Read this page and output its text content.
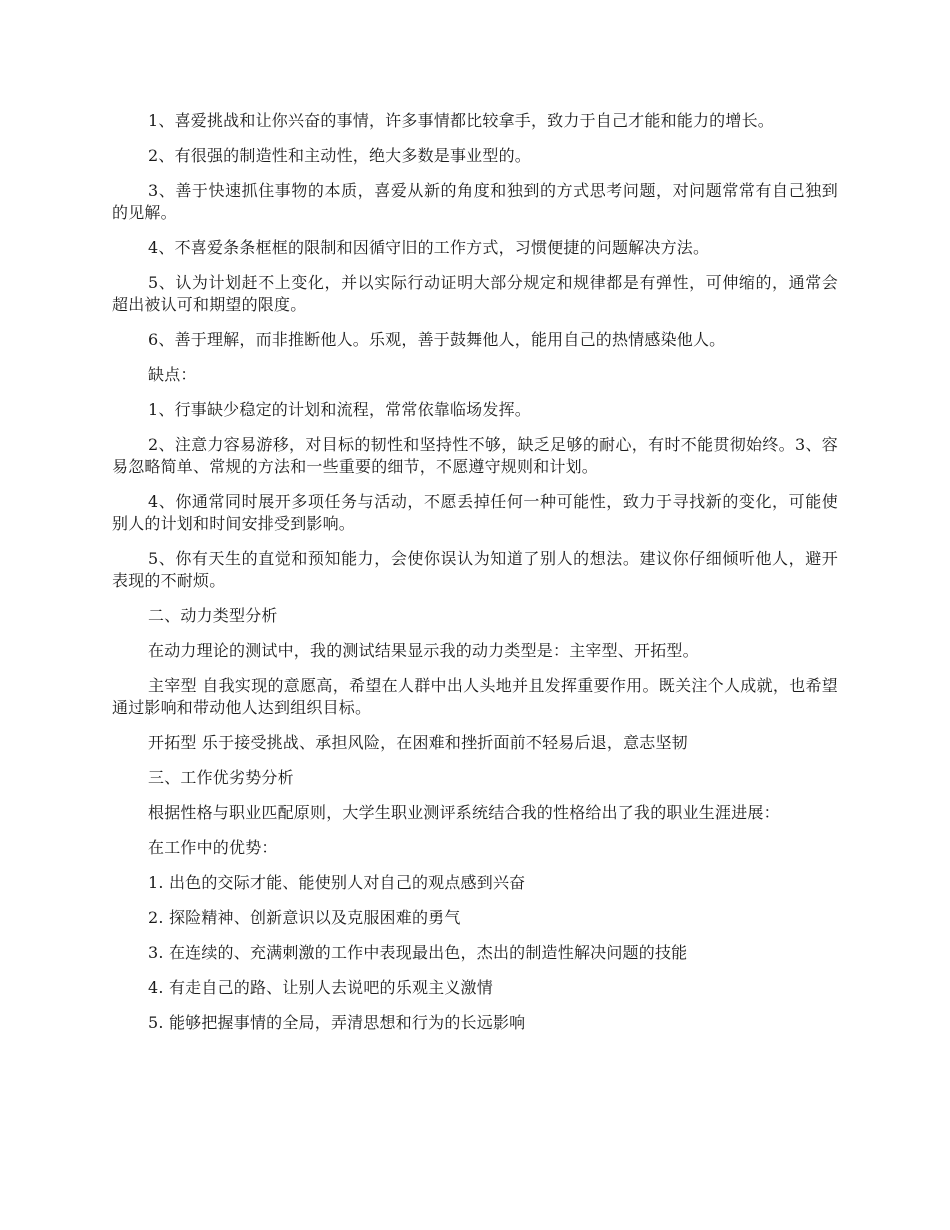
1、喜爱挑战和让你兴奋的事情，许多事情都比较拿手，致力于自己才能和能力的增长。

2、有很强的制造性和主动性，绝大多数是事业型的。

3、善于快速抓住事物的本质，喜爱从新的角度和独到的方式思考问题，对问题常常有自己独到的见解。

4、不喜爱条条框框的限制和因循守旧的工作方式，习惯便捷的问题解决方法。

5、认为计划赶不上变化，并以实际行动证明大部分规定和规律都是有弹性，可伸缩的，通常会超出被认可和期望的限度。

6、善于理解，而非推断他人。乐观，善于鼓舞他人，能用自己的热情感染他人。

缺点：

1、行事缺少稳定的计划和流程，常常依靠临场发挥。

2、注意力容易游移，对目标的韧性和坚持性不够，缺乏足够的耐心，有时不能贯彻始终。3、容易忽略简单、常规的方法和一些重要的细节，不愿遵守规则和计划。

4、你通常同时展开多项任务与活动，不愿丢掉任何一种可能性，致力于寻找新的变化，可能使别人的计划和时间安排受到影响。

5、你有天生的直觉和预知能力，会使你误认为知道了别人的想法。建议你仔细倾听他人，避开表现的不耐烦。

二、动力类型分析

在动力理论的测试中，我的测试结果显示我的动力类型是：主宰型、开拓型。

主宰型 自我实现的意愿高，希望在人群中出人头地并且发挥重要作用。既关注个人成就，也希望通过影响和带动他人达到组织目标。

开拓型 乐于接受挑战、承担风险，在困难和挫折面前不轻易后退，意志坚韧

三、工作优劣势分析

根据性格与职业匹配原则，大学生职业测评系统结合我的性格给出了我的职业生涯进展：

在工作中的优势：

1. 出色的交际才能、能使别人对自己的观点感到兴奋

2. 探险精神、创新意识以及克服困难的勇气

3. 在连续的、充满刺激的工作中表现最出色，杰出的制造性解决问题的技能

4. 有走自己的路、让别人去说吧的乐观主义激情

5. 能够把握事情的全局，弄清思想和行为的长远影响
